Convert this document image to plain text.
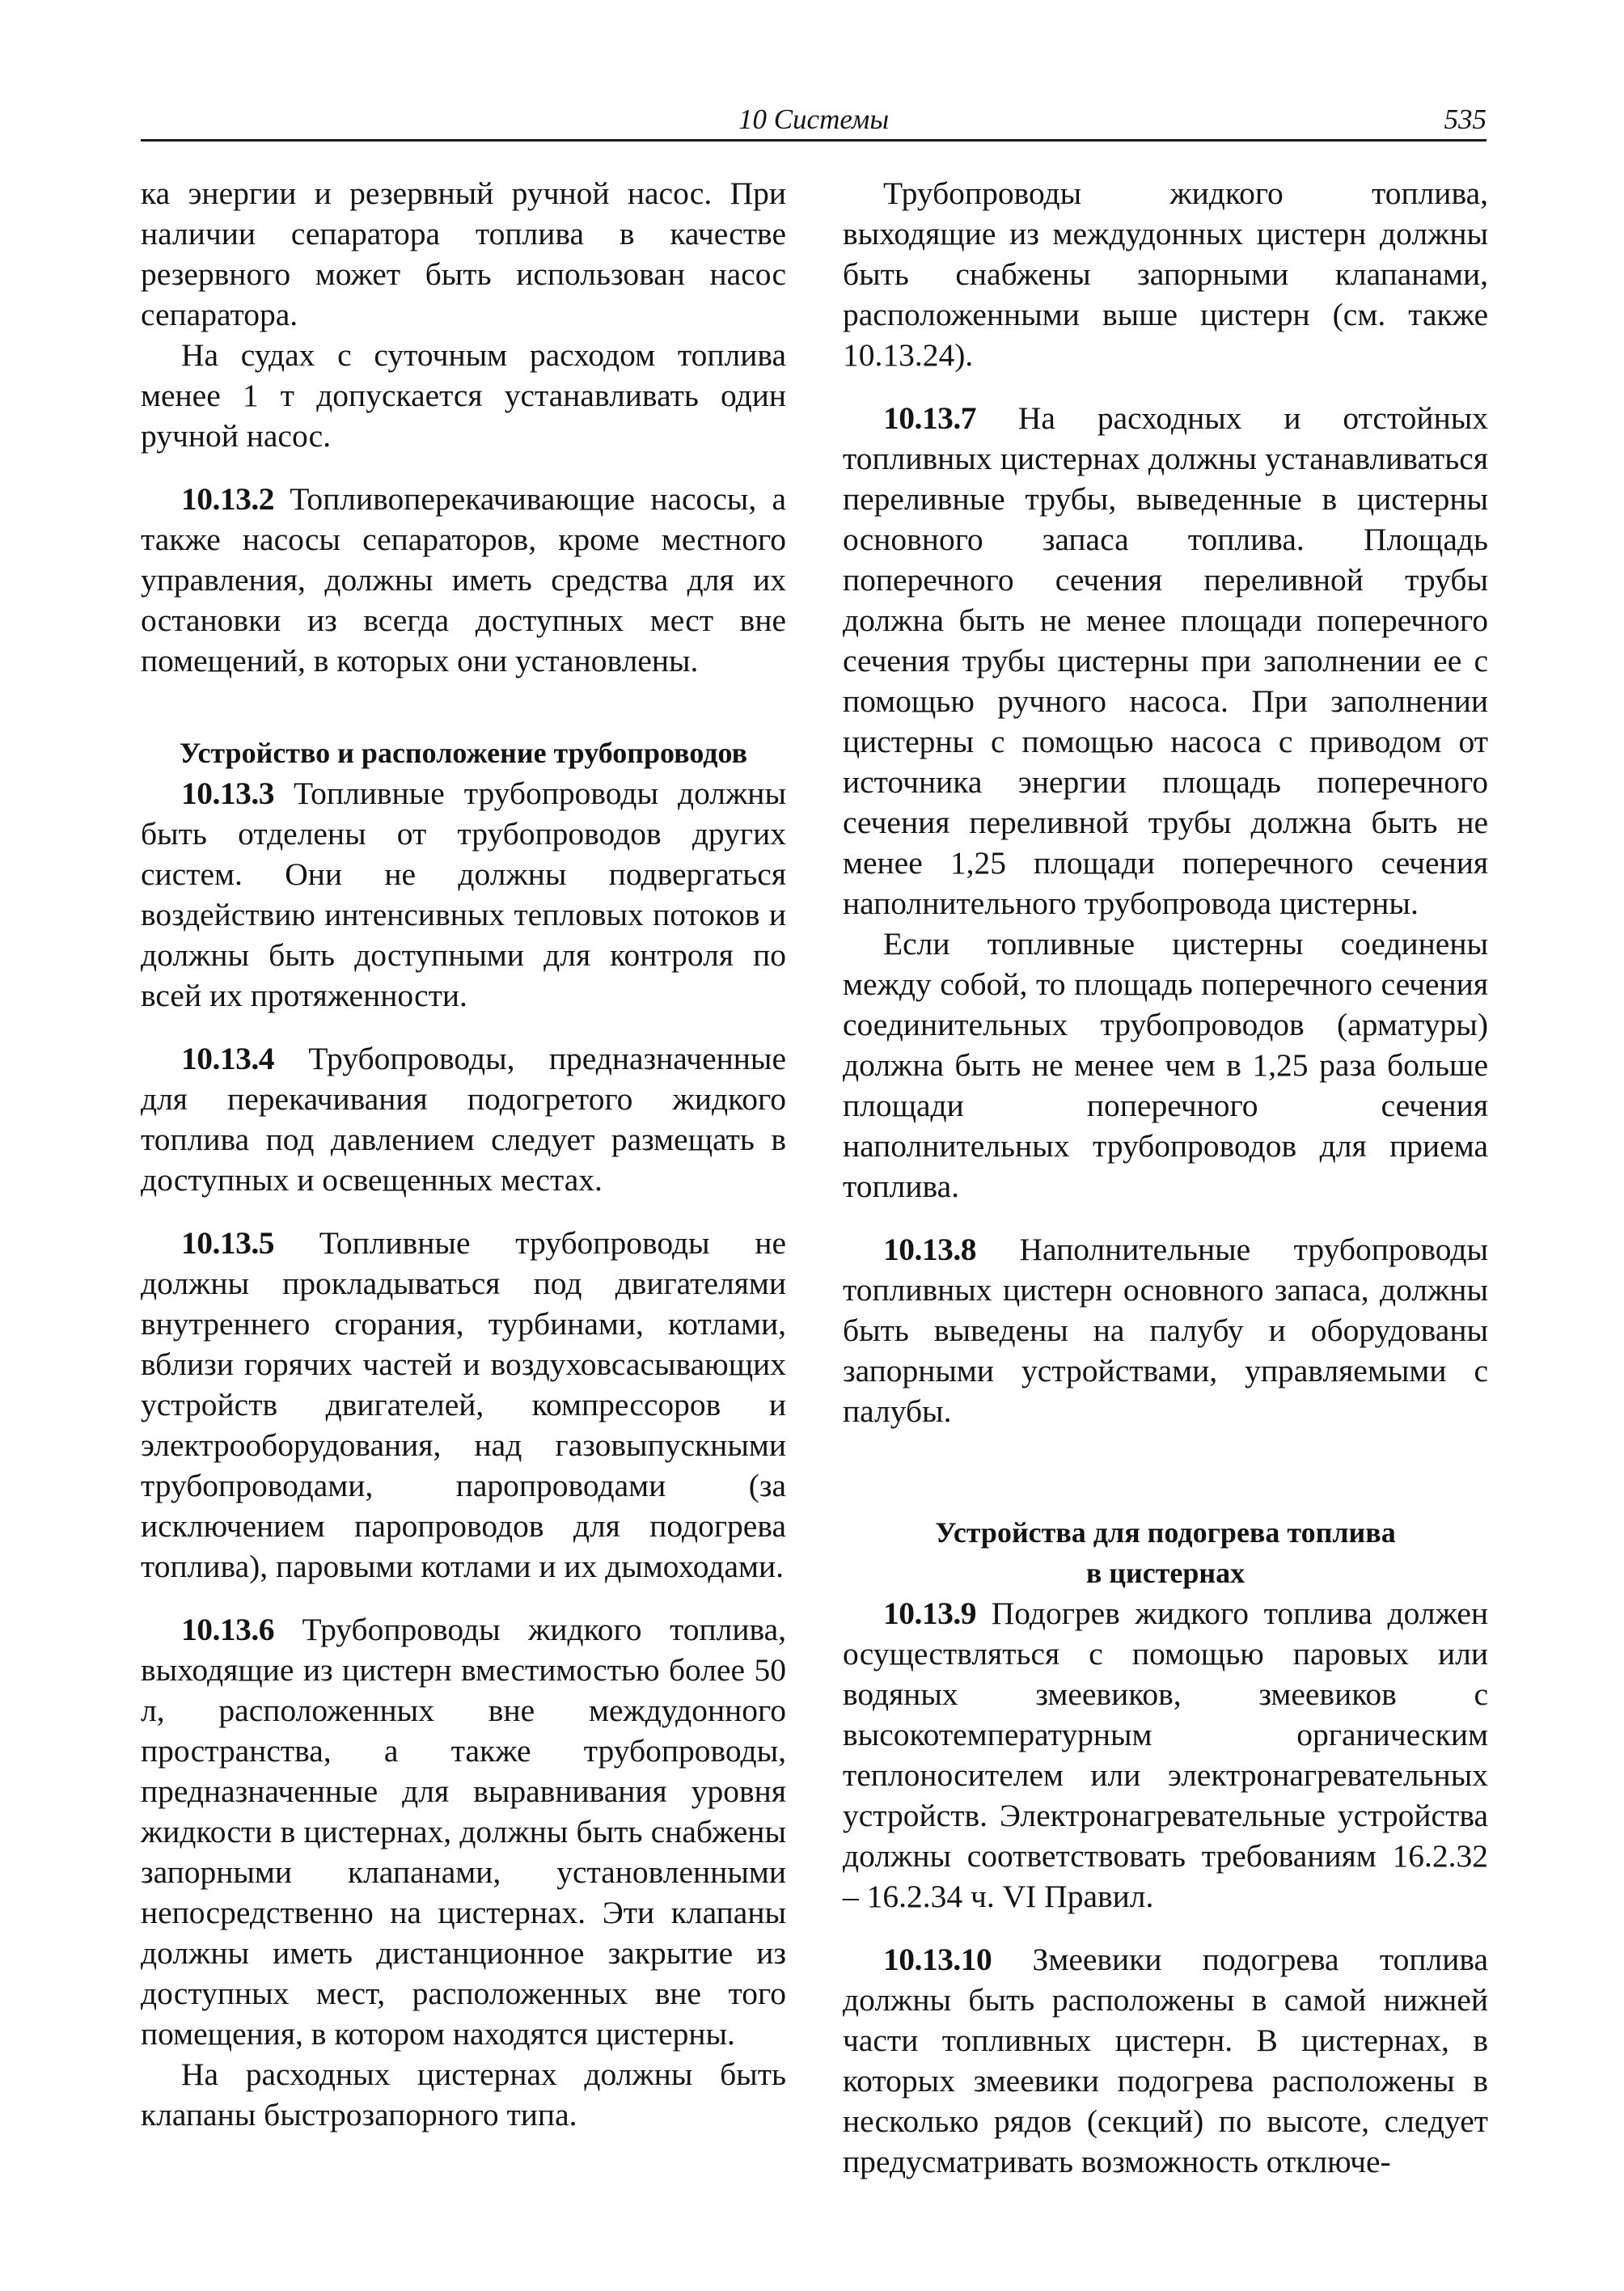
10 Системы	535

ка энергии и резервный ручной насос. При наличии сепаратора топлива в качестве резервного может быть использован насос сепаратора.

На судах с суточным расходом топлива менее 1 т допускается устанавливать один ручной насос.

10.13.2 Топливоперекачивающие насосы, а также насосы сепараторов, кроме местного управления, должны иметь средства для их остановки из всегда доступных мест вне помещений, в которых они установлены.

Устройство и расположение трубопроводов

10.13.3 Топливные трубопроводы должны быть отделены от трубопроводов других систем. Они не должны подвергаться воздействию интенсивных тепловых потоков и должны быть доступными для контроля по всей их протяженности.

10.13.4 Трубопроводы, предназначенные для перекачивания подогретого жидкого топлива под давлением следует размещать в доступных и освещенных местах.

10.13.5 Топливные трубопроводы не должны прокладываться под двигателями внутреннего сгорания, турбинами, котлами, вблизи горячих частей и воздуховсасывающих устройств двигателей, компрессоров и электрооборудования, над газовыпускными трубопроводами, паропроводами (за исключением паропроводов для подогрева топлива), паровыми котлами и их дымоходами.

10.13.6 Трубопроводы жидкого топлива, выходящие из цистерн вместимостью более 50 л, расположенных вне междудонного пространства, а также трубопроводы, предназначенные для выравнивания уровня жидкости в цистернах, должны быть снабжены запорными клапанами, установленными непосредственно на цистернах. Эти клапаны должны иметь дистанционное закрытие из доступных мест, расположенных вне того помещения, в котором находятся цистерны.

На расходных цистернах должны быть клапаны быстрозапорного типа.

Трубопроводы жидкого топлива, выходящие из междудонных цистерн должны быть снабжены запорными клапанами, расположенными выше цистерн (см. также 10.13.24).

10.13.7 На расходных и отстойных топливных цистернах должны устанавливаться переливные трубы, выведенные в цистерны основного запаса топлива. Площадь поперечного сечения переливной трубы должна быть не менее площади поперечного сечения трубы цистерны при заполнении ее с помощью ручного насоса. При заполнении цистерны с помощью насоса с приводом от источника энергии площадь поперечного сечения переливной трубы должна быть не менее 1,25 площади поперечного сечения наполнительного трубопровода цистерны.

Если топливные цистерны соединены между собой, то площадь поперечного сечения соединительных трубопроводов (арматуры) должна быть не менее чем в 1,25 раза больше площади поперечного сечения наполнительных трубопроводов для приема топлива.

10.13.8 Наполнительные трубопроводы топливных цистерн основного запаса, должны быть выведены на палубу и оборудованы запорными устройствами, управляемыми с палубы.

Устройства для подогрева топлива
в цистернах

10.13.9 Подогрев жидкого топлива должен осуществляться с помощью паровых или водяных змеевиков, змеевиков с высокотемпературным органическим теплоносителем или электронагревательных устройств. Электронагревательные устройства должны соответствовать требованиям 16.2.32 – 16.2.34 ч. VI Правил.

10.13.10 Змеевики подогрева топлива должны быть расположены в самой нижней части топливных цистерн. В цистернах, в которых змеевики подогрева расположены в несколько рядов (секций) по высоте, следует предусматривать возможность отключе-
